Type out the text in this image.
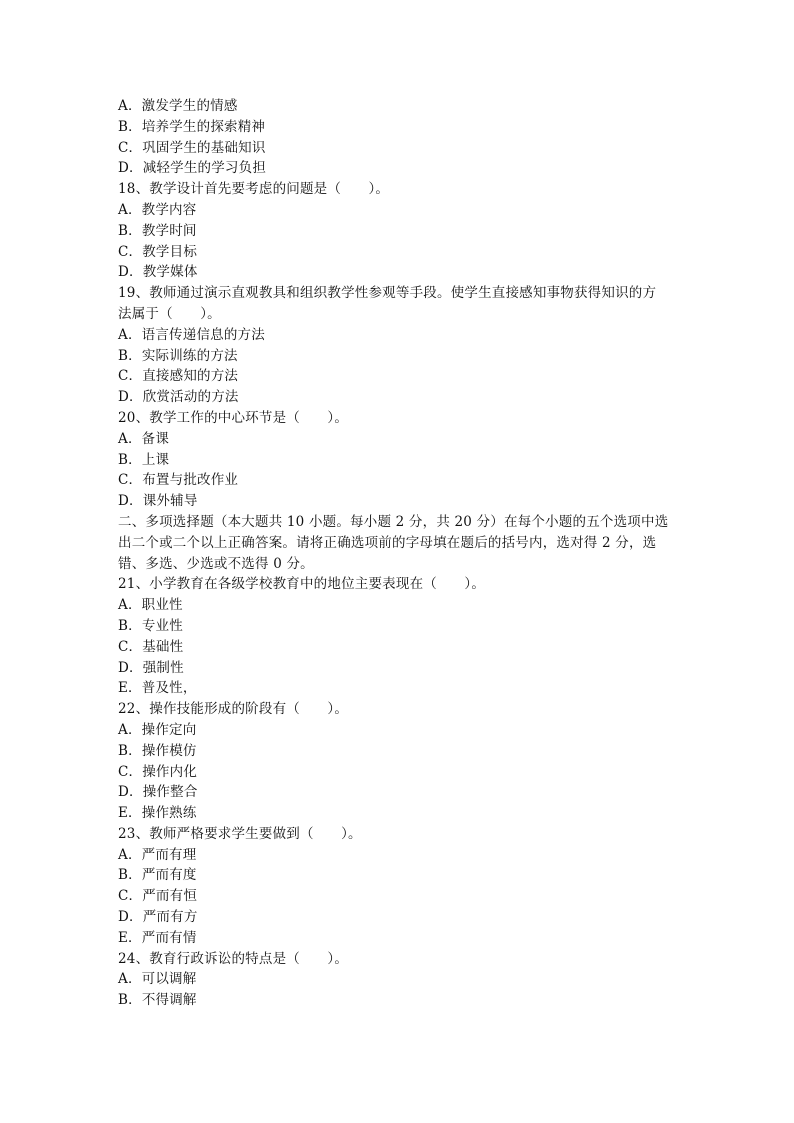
A．激发学生的情感
B．培养学生的探索精神
C．巩固学生的基础知识
D．减轻学生的学习负担
18、教学设计首先要考虑的问题是（　　）。
A．教学内容
B．教学时间
C．教学目标
D．教学媒体
19、教师通过演示直观教具和组织教学性参观等手段。使学生直接感知事物获得知识的方
法属于（　　）。
A．语言传递信息的方法
B．实际训练的方法
C．直接感知的方法
D．欣赏活动的方法
20、教学工作的中心环节是（　　）。
A．备课
B．上课
C．布置与批改作业
D．课外辅导
二、多项选择题（本大题共 10 小题。每小题 2 分，共 20 分）在每个小题的五个选项中选
出二个或二个以上正确答案。请将正确选项前的字母填在题后的括号内，选对得 2 分，选
错、多选、少选或不选得 0 分。
21、小学教育在各级学校教育中的地位主要表现在（　　）。
A．职业性
B．专业性
C．基础性
D．强制性
E．普及性，
22、操作技能形成的阶段有（　　）。
A．操作定向
B．操作模仿
C．操作内化
D．操作整合
E．操作熟练
23、教师严格要求学生要做到（　　）。
A．严而有理
B．严而有度
C．严而有恒
D．严而有方
E．严而有情
24、教育行政诉讼的特点是（　　）。
A．可以调解
B．不得调解
